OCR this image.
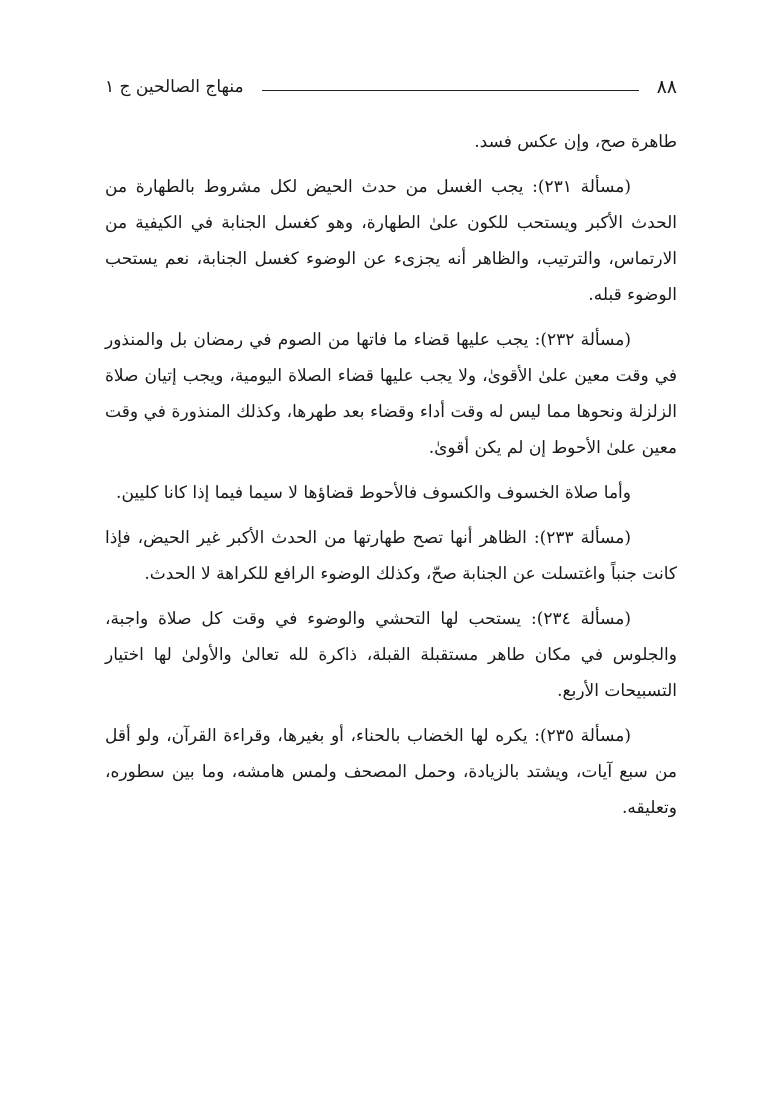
٨٨
منهاج الصالحين ج ١

طاهرة صح، وإن عكس فسد.

(مسألة ٢٣١): يجب الغسل من حدث الحيض لكل مشروط بالطهارة من الحدث الأكبر ويستحب للكون علىٰ الطهارة، وهو كغسل الجنابة في الكيفية من الارتماس، والترتيب، والظاهر أنه يجزىء عن الوضوء كغسل الجنابة، نعم يستحب الوضوء قبله.

(مسألة ٢٣٢): يجب عليها قضاء ما فاتها من الصوم في رمضان بل والمنذور في وقت معين علىٰ الأقوىٰ، ولا يجب عليها قضاء الصلاة اليومية، ويجب إتيان صلاة الزلزلة ونحوها مما ليس له وقت أداء وقضاء بعد طهرها، وكذلك المنذورة في وقت معين علىٰ الأحوط إن لم يكن أقوىٰ.

وأما صلاة الخسوف والكسوف فالأحوط قضاؤها لا سيما فيما إذا كانا كليين.

(مسألة ٢٣٣): الظاهر أنها تصح طهارتها من الحدث الأكبر غير الحيض، فإذا كانت جنباً واغتسلت عن الجنابة صحّ، وكذلك الوضوء الرافع للكراهة لا الحدث.

(مسألة ٢٣٤): يستحب لها التحشي والوضوء في وقت كل صلاة واجبة، والجلوس في مكان طاهر مستقبلة القبلة، ذاكرة لله تعالىٰ والأولىٰ لها اختيار التسبيحات الأربع.

(مسألة ٢٣٥): يكره لها الخضاب بالحناء، أو بغيرها، وقراءة القرآن، ولو أقل من سبع آيات، ويشتد بالزيادة، وحمل المصحف ولمس هامشه، وما بين سطوره، وتعليقه.
